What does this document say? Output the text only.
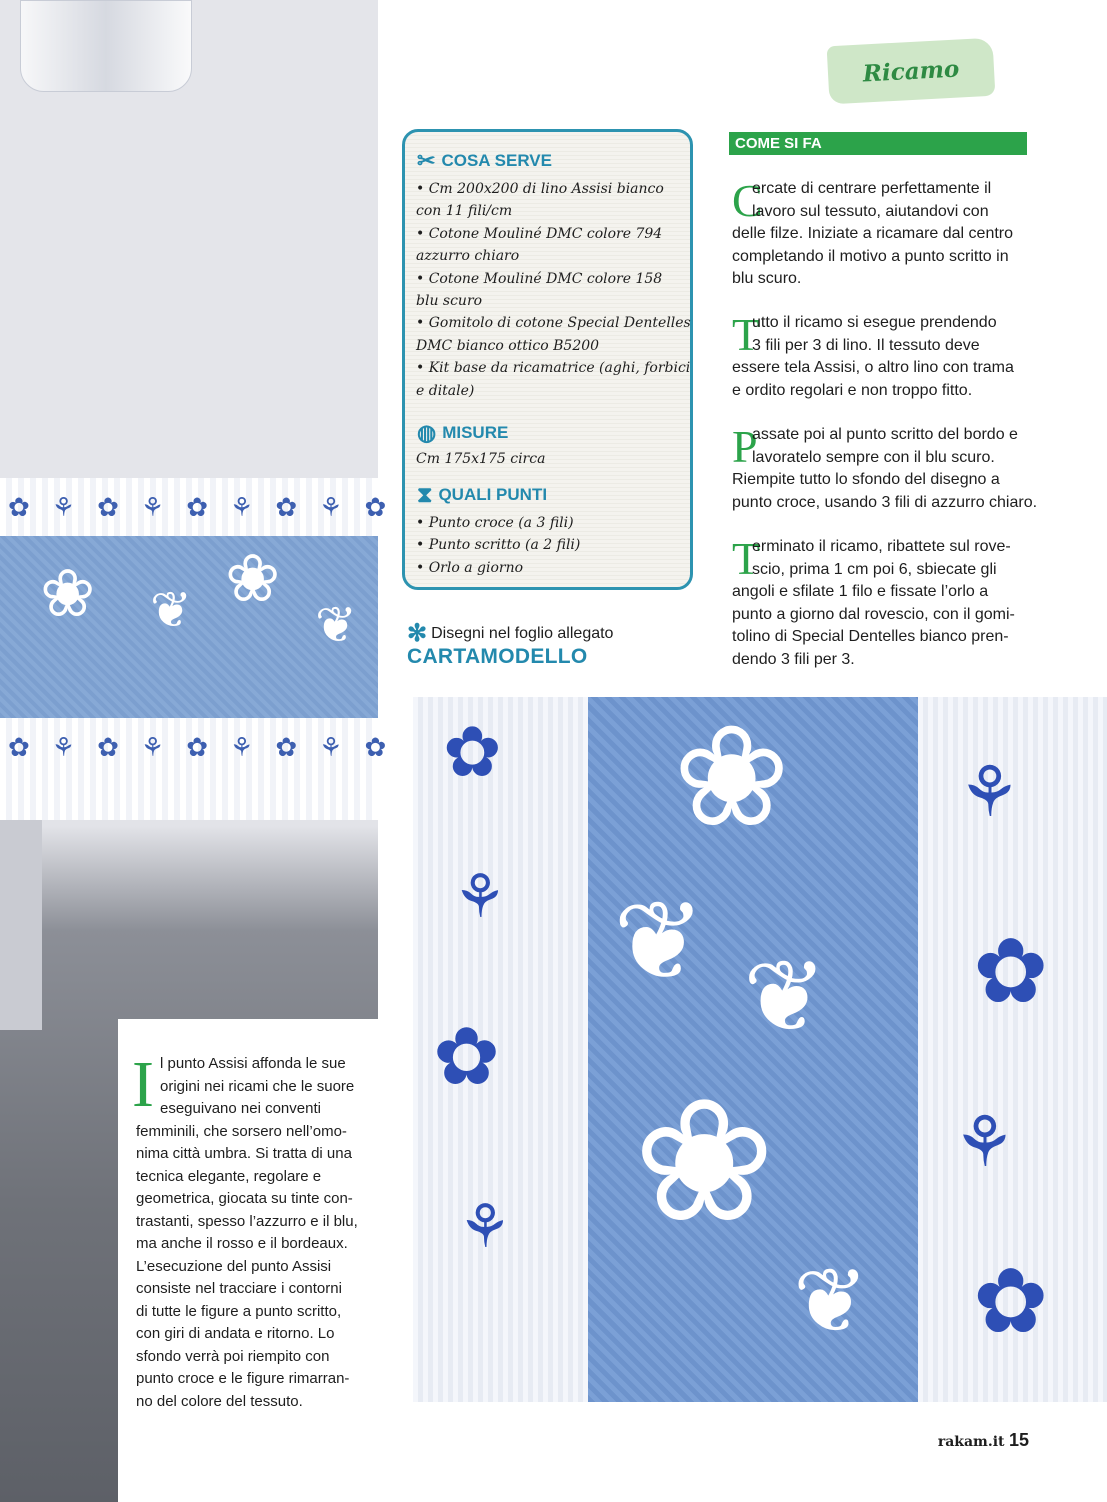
✿ ⚘ ✿ ⚘ ✿ ⚘ ✿ ⚘ ✿
❀ ❦ ❀
❦
✿ ⚘ ✿ ⚘ ✿ ⚘ ✿ ⚘ ✿ ✿
⚘
✿
⚘
❀
❦ ❦
❀
❦
⚘
✿
⚘
✿
Ricamo
✂ COSA SERVE
• Cm 200x200 di lino Assisi bianco
con 11 fili/cm
• Cotone Mouliné DMC colore 794
azzurro chiaro
• Cotone Mouliné DMC colore 158
blu scuro
• Gomitolo di cotone Special Dentelles
DMC bianco ottico B5200
• Kit base da ricamatrice (aghi, forbici
e ditale)
◍ MISURE
Cm 175x175 circa
⧗ QUALI PUNTI
• Punto croce (a 3 fili)
• Punto scritto (a 2 fili)
• Orlo a giorno
✻ Disegni nel foglio allegato
CARTAMODELLO
COME SI FA
C
ercate di centrare perfettamente il
lavoro sul tessuto, aiutandovi con
delle filze. Iniziate a ricamare dal centro
completando il motivo a punto scritto in
blu scuro.
T
utto il ricamo si esegue prendendo
3 fili per 3 di lino. Il tessuto deve
essere tela Assisi, o altro lino con trama
e ordito regolari e non troppo fitto.
P
assate poi al punto scritto del bordo e
lavoratelo sempre con il blu scuro.
Riempite tutto lo sfondo del disegno a
punto croce, usando 3 fili di azzurro chiaro.
T
erminato il ricamo, ribattete sul rove-
scio, prima 1 cm poi 6, sbiecate gli
angoli e sfilate 1 filo e fissate l’orlo a
punto a giorno dal rovescio, con il gomi-
tolino di Special Dentelles bianco pren-
dendo 3 fili per 3.
I l punto Assisi affonda le sue
origini nei ricami che le suore
eseguivano nei conventi
femminili, che sorsero nell’omo-
nima città umbra. Si tratta di una
tecnica elegante, regolare e
geometrica, giocata su tinte con-
trastanti, spesso l’azzurro e il blu,
ma anche il rosso e il bordeaux.
L’esecuzione del punto Assisi
consiste nel tracciare i contorni
di tutte le figure a punto scritto,
con giri di andata e ritorno. Lo
sfondo verrà poi riempito con
punto croce e le figure rimarran-
no del colore del tessuto.
rakam.it 15
